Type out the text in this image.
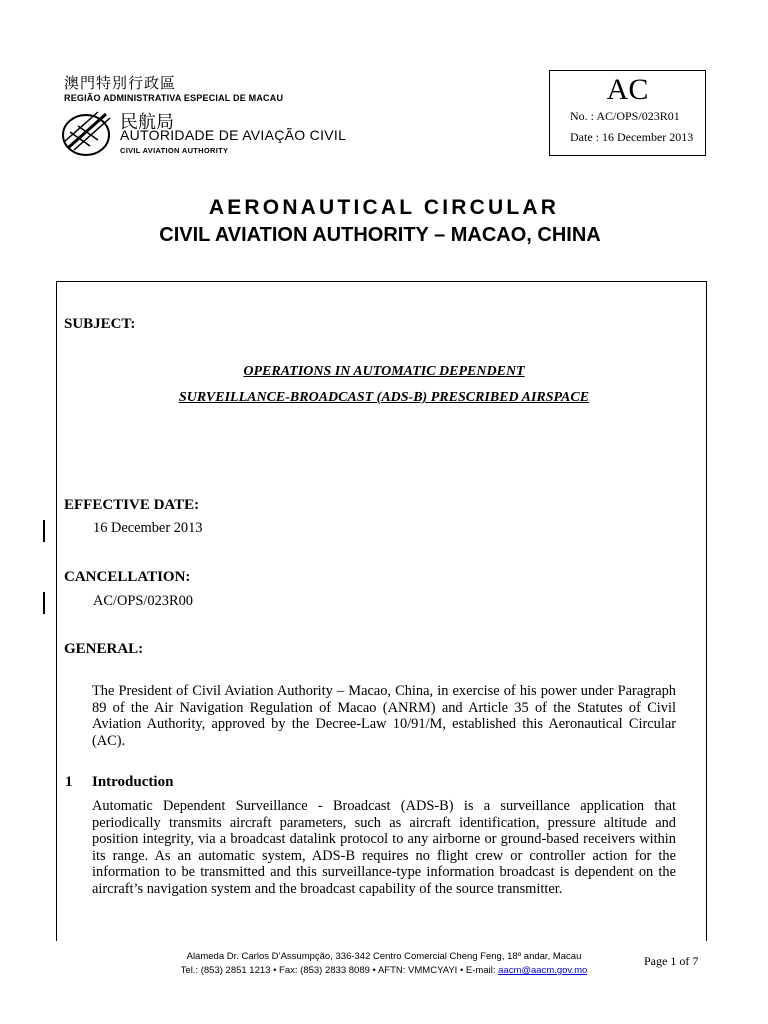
澳門特別行政區
REGIÃO ADMINISTRATIVA ESPECIAL DE MACAU
民航局
AUTORIDADE DE AVIAÇÃO CIVIL
CIVIL AVIATION AUTHORITY
AC
No. : AC/OPS/023R01
Date : 16 December 2013
AERONAUTICAL CIRCULAR
CIVIL AVIATION AUTHORITY – MACAO, CHINA
SUBJECT:
OPERATIONS IN AUTOMATIC DEPENDENT
SURVEILLANCE-BROADCAST (ADS-B) PRESCRIBED AIRSPACE
EFFECTIVE DATE:
16 December 2013
CANCELLATION:
AC/OPS/023R00
GENERAL:
The President of Civil Aviation Authority – Macao, China, in exercise of his power under Paragraph 89 of the Air Navigation Regulation of Macao (ANRM) and Article 35 of the Statutes of Civil Aviation Authority, approved by the Decree-Law 10/91/M, established this Aeronautical Circular (AC).
1 Introduction
Automatic Dependent Surveillance - Broadcast (ADS-B) is a surveillance application that periodically transmits aircraft parameters, such as aircraft identification, pressure altitude and position integrity, via a broadcast datalink protocol to any airborne or ground-based receivers within its range. As an automatic system, ADS-B requires no flight crew or controller action for the information to be transmitted and this surveillance-type information broadcast is dependent on the aircraft’s navigation system and the broadcast capability of the source transmitter.
Alameda Dr. Carlos D’Assumpção, 336-342 Centro Comercial Cheng Feng, 18º andar, Macau
Tel.: (853) 2851 1213 • Fax: (853) 2833 8089 • AFTN: VMMCYAYI • E-mail: aacm@aacm.gov.mo
Page 1 of 7
